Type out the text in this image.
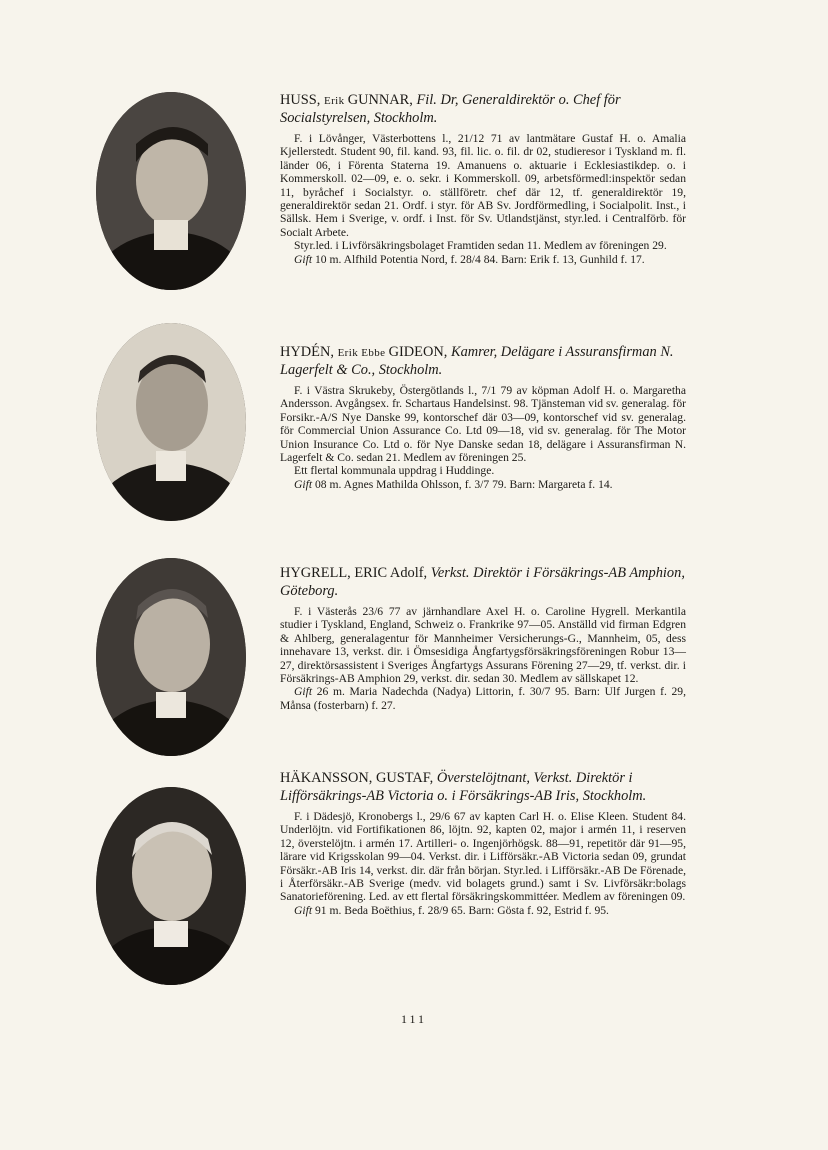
HUSS, Erik GUNNAR, Fil. Dr, Generaldirektör o. Chef för Socialstyrelsen, Stockholm.

F. i Lövånger, Västerbottens l., 21/12 71 av lantmätare Gustaf H. o. Amalia Kjellerstedt. Student 90, fil. kand. 93, fil. lic. o. fil. dr 02, studieresor i Tyskland m. fl. länder 06, i Förenta Staterna 19. Amanuens o. aktuarie i Ecklesiastikdep. o. i Kommerskoll. 02—09, e. o. sekr. i Kommerskoll. 09, arbetsförmedl:inspektör sedan 11, byråchef i Socialstyr. o. ställföretr. chef där 12, tf. generaldirektör 19, generaldirektör sedan 21. Ordf. i styr. för AB Sv. Jordförmedling, i Socialpolit. Inst., i Sällsk. Hem i Sverige, v. ordf. i Inst. för Sv. Utlandstjänst, styr.led. i Centralförb. för Socialt Arbete.

Styr.led. i Livförsäkringsbolaget Framtiden sedan 11. Medlem av föreningen 29.

Gift 10 m. Alfhild Potentia Nord, f. 28/4 84. Barn: Erik f. 13, Gunhild f. 17.

HYDÉN, Erik Ebbe GIDEON, Kamrer, Delägare i Assuransfirman N. Lagerfelt & Co., Stockholm.

F. i Västra Skrukeby, Östergötlands l., 7/1 79 av köpman Adolf H. o. Margaretha Andersson. Avgångsex. fr. Schartaus Handelsinst. 98. Tjänsteman vid sv. generalag. för Forsikr.-A/S Nye Danske 99, kontorschef där 03—09, kontorschef vid sv. generalag. för Commercial Union Assurance Co. Ltd 09—18, vid sv. generalag. för The Motor Union Insurance Co. Ltd o. för Nye Danske sedan 18, delägare i Assuransfirman N. Lagerfelt & Co. sedan 21. Medlem av föreningen 25.

Ett flertal kommunala uppdrag i Huddinge.

Gift 08 m. Agnes Mathilda Ohlsson, f. 3/7 79. Barn: Margareta f. 14.

HYGRELL, ERIC Adolf, Verkst. Direktör i Försäkrings-AB Amphion, Göteborg.

F. i Västerås 23/6 77 av järnhandlare Axel H. o. Caroline Hygrell. Merkantila studier i Tyskland, England, Schweiz o. Frankrike 97—05. Anställd vid firman Edgren & Ahlberg, generalagentur för Mannheimer Versicherungs-G., Mannheim, 05, dess innehavare 13, verkst. dir. i Ömsesidiga Ångfartygsförsäkringsföreningen Robur 13—27, direktörsassistent i Sveriges Ångfartygs Assurans Förening 27—29, tf. verkst. dir. i Försäkrings-AB Amphion 29, verkst. dir. sedan 30. Medlem av sällskapet 12.

Gift 26 m. Maria Nadechda (Nadya) Littorin, f. 30/7 95. Barn: Ulf Jurgen f. 29, Månsa (fosterbarn) f. 27.

HÄKANSSON, GUSTAF, Överstelöjtnant, Verkst. Direktör i Lifförsäkrings-AB Victoria o. i Försäkrings-AB Iris, Stockholm.

F. i Dädesjö, Kronobergs l., 29/6 67 av kapten Carl H. o. Elise Kleen. Student 84. Underlöjtn. vid Fortifikationen 86, löjtn. 92, kapten 02, major i armén 11, i reserven 12, överstelöjtn. i armén 17. Artilleri- o. Ingenjörhögsk. 88—91, repetitör där 91—95, lärare vid Krigsskolan 99—04. Verkst. dir. i Lifförsäkr.-AB Victoria sedan 09, grundat Försäkr.-AB Iris 14, verkst. dir. där från början. Styr.led. i Lifförsäkr.-AB De Förenade, i Återförsäkr.-AB Sverige (medv. vid bolagets grund.) samt i Sv. Livförsäkr:bolags Sanatorieförening. Led. av ett flertal försäkringskommittéer. Medlem av föreningen 09.

Gift 91 m. Beda Boëthius, f. 28/9 65. Barn: Gösta f. 92, Estrid f. 95.

111
